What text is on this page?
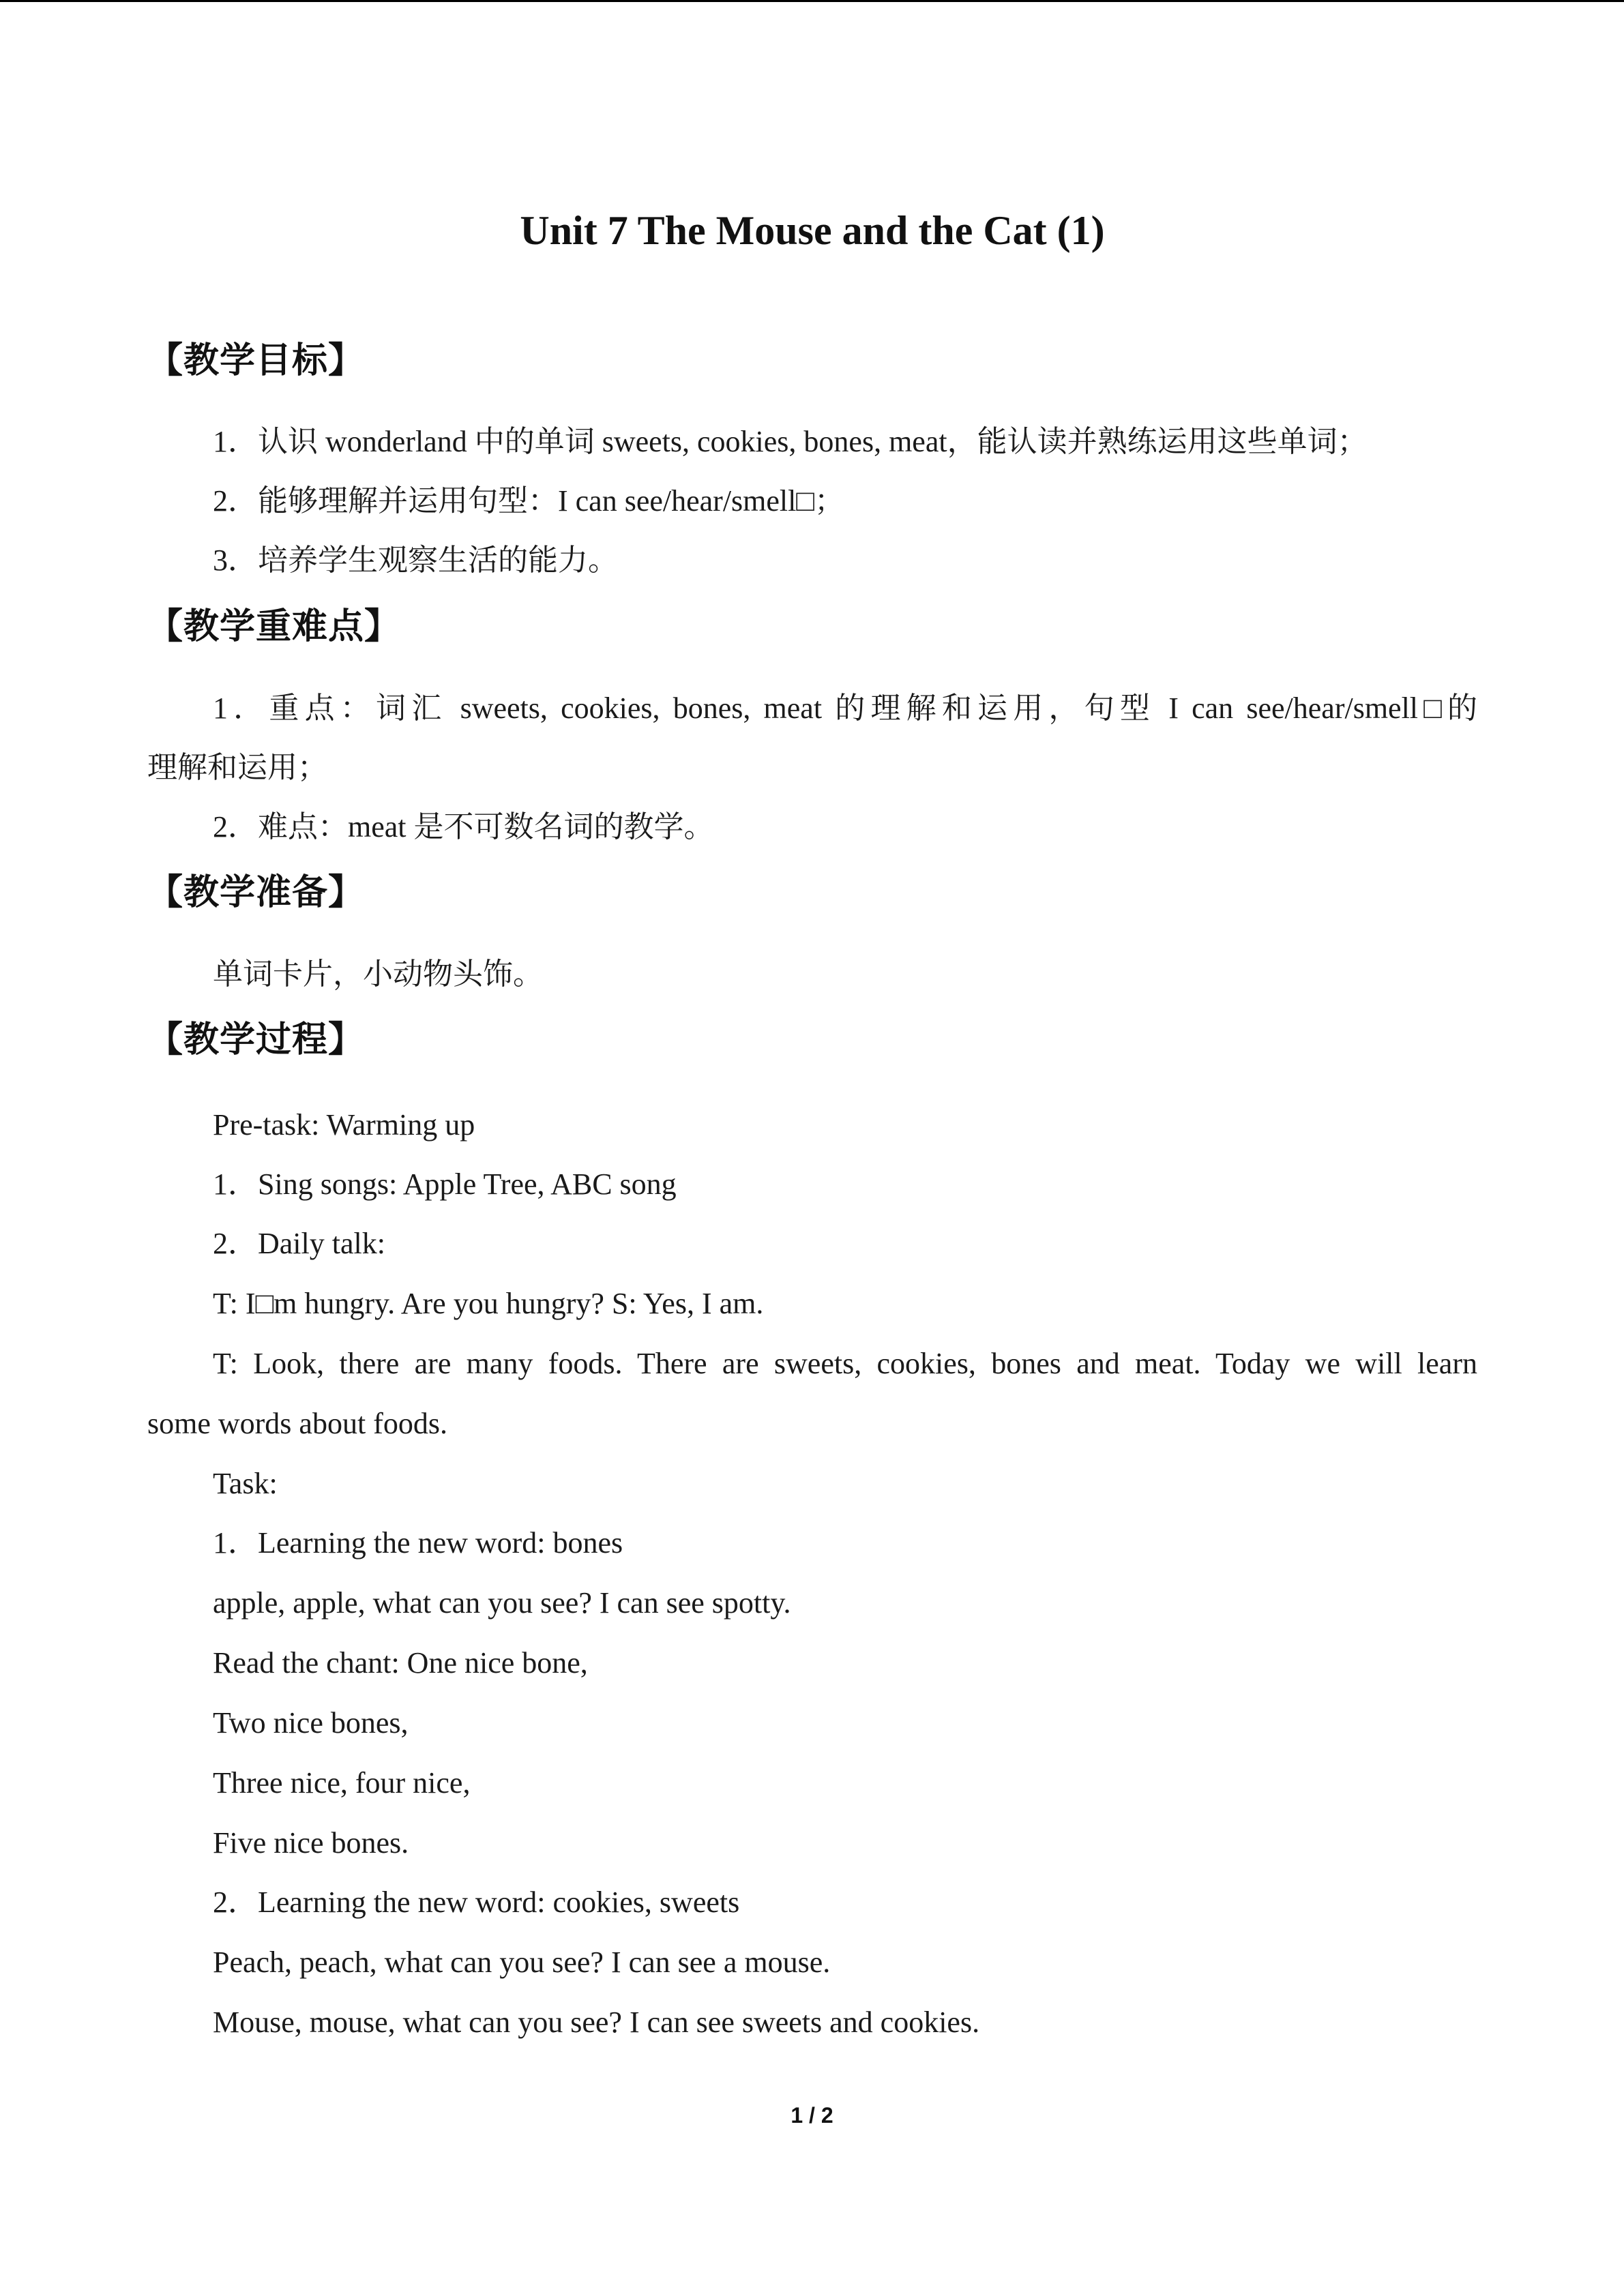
Unit 7 The Mouse and the Cat (1)
【教学目标】
1．认识 wonderland 中的单词 sweets, cookies, bones, meat，能认读并熟练运用这些单词；
2．能够理解并运用句型：I can see/hear/smell□；
3．培养学生观察生活的能力。
【教学重难点】
1．重点：词汇 sweets, cookies, bones, meat 的理解和运用，句型 I can see/hear/smell□的
理解和运用；
2．难点：meat 是不可数名词的教学。
【教学准备】
单词卡片，小动物头饰。
【教学过程】
Pre-task: Warming up
1．Sing songs: Apple Tree, ABC song
2．Daily talk:
T: I□m hungry. Are you hungry? S: Yes, I am.
T: Look, there are many foods. There are sweets, cookies, bones and meat. Today we will learn
some words about foods.
Task:
1．Learning the new word: bones
apple, apple, what can you see? I can see spotty.
Read the chant: One nice bone,
Two nice bones,
Three nice, four nice,
Five nice bones.
2．Learning the new word: cookies, sweets
Peach, peach, what can you see? I can see a mouse.
Mouse, mouse, what can you see? I can see sweets and cookies.
1 / 2
